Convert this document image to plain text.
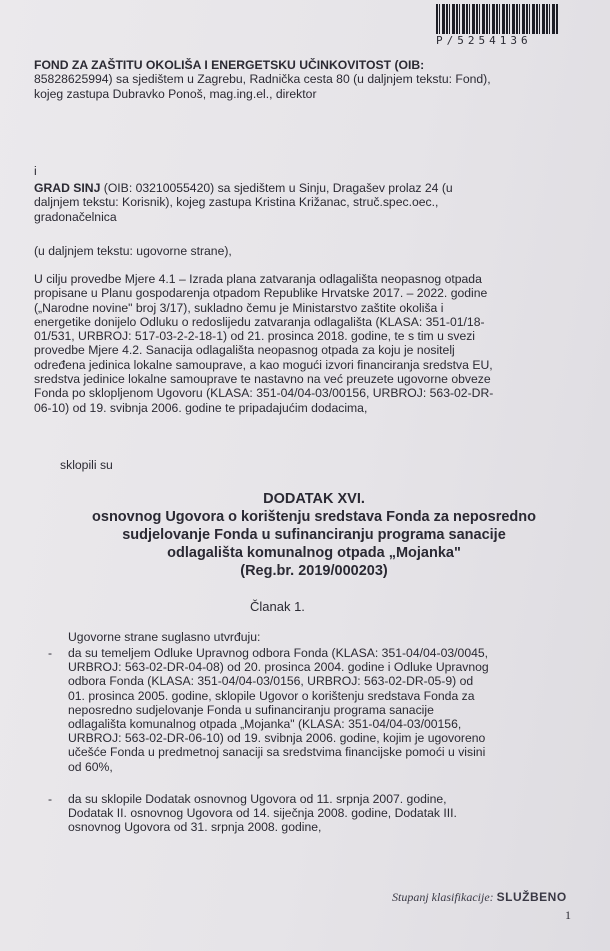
P/5254136
FOND ZA ZAŠTITU OKOLIŠA I ENERGETSKU UČINKOVITOST (OIB:
85828625994) sa sjedištem u Zagrebu, Radnička cesta 80 (u daljnjem tekstu: Fond),
kojeg zastupa Dubravko Ponoš, mag.ing.el., direktor
i
GRAD SINJ (OIB: 03210055420) sa sjedištem u Sinju, Dragašev prolaz 24 (u
daljnjem tekstu: Korisnik), kojeg zastupa Kristina Križanac, struč.spec.oec.,
gradonačelnica
(u daljnjem tekstu: ugovorne strane),
U cilju provedbe Mjere 4.1 – Izrada plana zatvaranja odlagališta neopasnog otpada
propisane u Planu gospodarenja otpadom Republike Hrvatske 2017. – 2022. godine
(„Narodne novine" broj 3/17), sukladno čemu je Ministarstvo zaštite okoliša i
energetike donijelo Odluku o redoslijedu zatvaranja odlagališta (KLASA: 351-01/18-
01/531, URBROJ: 517-03-2-2-18-1) od 21. prosinca 2018. godine, te s tim u svezi
provedbe Mjere 4.2. Sanacija odlagališta neopasnog otpada za koju je nositelj
određena jedinica lokalne samouprave, a kao mogući izvori financiranja sredstva EU,
sredstva jedinice lokalne samouprave te nastavno na već preuzete ugovorne obveze
Fonda po sklopljenom Ugovoru (KLASA: 351-04/04-03/00156, URBROJ: 563-02-DR-
06-10) od 19. svibnja 2006. godine te pripadajućim dodacima,
sklopili su
DODATAK XVI.
osnovnog Ugovora o korištenju sredstava Fonda za neposredno
sudjelovanje Fonda u sufinanciranju programa sanacije
odlagališta komunalnog otpada „Mojanka"
(Reg.br. 2019/000203)
Članak 1.
Ugovorne strane suglasno utvrđuju:
-	da su temeljem Odluke Upravnog odbora Fonda (KLASA: 351-04/04-03/0045,
URBROJ: 563-02-DR-04-08) od 20. prosinca 2004. godine i Odluke Upravnog
odbora Fonda (KLASA: 351-04/04-03/0156, URBROJ: 563-02-DR-05-9) od
01. prosinca 2005. godine, sklopile Ugovor o korištenju sredstava Fonda za
neposredno sudjelovanje Fonda u sufinanciranju programa sanacije
odlagališta komunalnog otpada „Mojanka" (KLASA: 351-04/04-03/00156,
URBROJ: 563-02-DR-06-10) od 19. svibnja 2006. godine, kojim je ugovoreno
učešće Fonda u predmetnoj sanaciji sa sredstvima financijske pomoći u visini
od 60%,
-	da su sklopile Dodatak osnovnog Ugovora od 11. srpnja 2007. godine,
Dodatak II. osnovnog Ugovora od 14. siječnja 2008. godine, Dodatak III.
osnovnog Ugovora od 31. srpnja 2008. godine,
Stupanj klasifikacije: SLUŽBENO
1
